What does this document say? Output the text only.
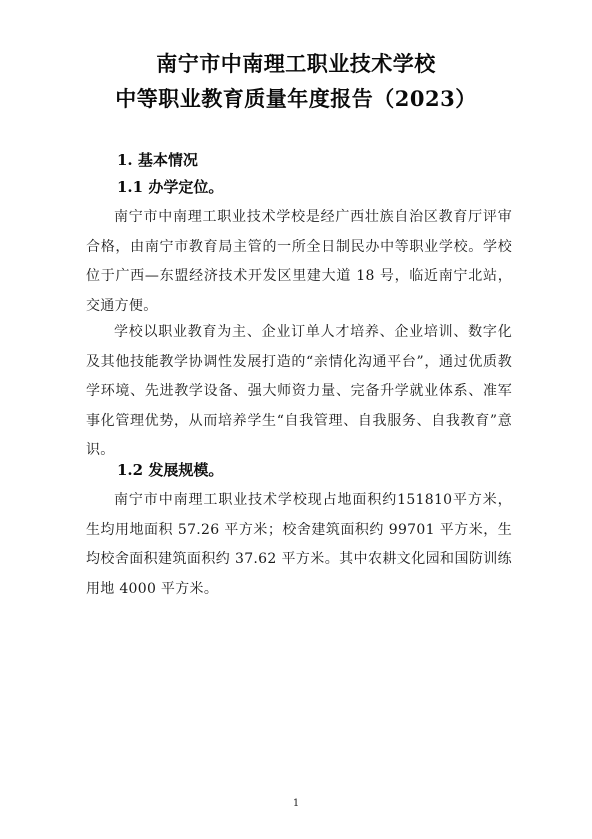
南宁市中南理工职业技术学校
中等职业教育质量年度报告（2023）
1. 基本情况
1.1 办学定位。

南宁市中南理工职业技术学校是经广西壮族自治区教育厅评审合格，由南宁市教育局主管的一所全日制民办中等职业学校。学校位于广西—东盟经济技术开发区里建大道 18 号，临近南宁北站，交通方便。

学校以职业教育为主、企业订单人才培养、企业培训、数字化及其他技能教学协调性发展打造的“亲情化沟通平台”，通过优质教学环境、先进教学设备、强大师资力量、完备升学就业体系、准军事化管理优势，从而培养学生“自我管理、自我服务、自我教育”意识。

1.2 发展规模。

南宁市中南理工职业技术学校现占地面积约151810平方米，生均用地面积 57.26 平方米；校舍建筑面积约 99701 平方米，生均校舍面积建筑面积约 37.62 平方米。其中农耕文化园和国防训练用地 4000 平方米。

1
